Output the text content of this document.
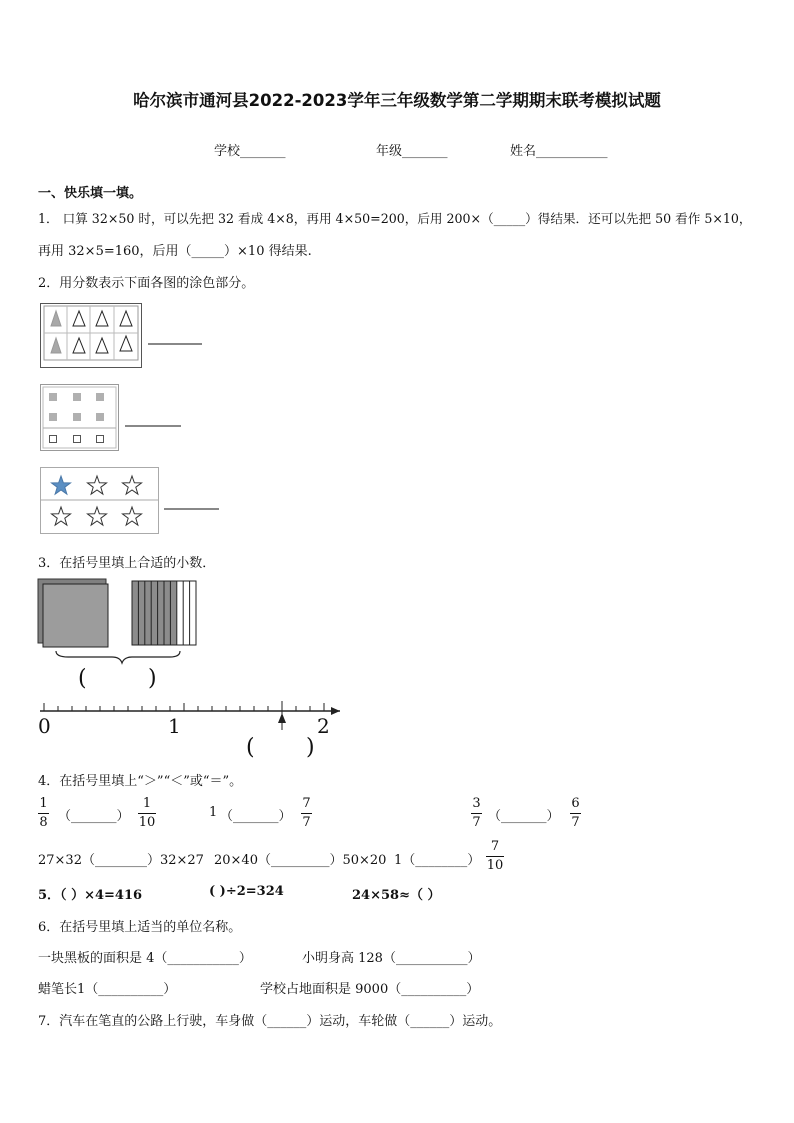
哈尔滨市通河县2022-2023学年三年级数学第二学期期末联考模拟试题
学校_______	年级_______	姓名___________
一、快乐填一填。
1． 口算 32×50 时，可以先把 32 看成 4×8，再用 4×50=200，后用 200×（_____）得结果．还可以先把 50 看作 5×10，
再用 32×5=160，后用（_____）×10 得结果.
2．用分数表示下面各图的涂色部分。
3．在括号里填上合适的小数．
(	)
0	1	2
( )
4．在括号里填上“＞”“＜”或“＝”。
1
8 （_______）
1
10
1 （_______）
7
7
3
7 （_______）
6
7
27×32（________）32×27 20×40（_________）50×20 1（________）
7
10
5．（ ）×4=416	( )÷2=324	24×58≈（ ）
6．在括号里填上适当的单位名称。
一块黑板的面积是 4（___________）	小明身高 128（___________）
蜡笔长1（__________）	学校占地面积是 9000（__________）
7．汽车在笔直的公路上行驶，车身做（______）运动，车轮做（______）运动。
